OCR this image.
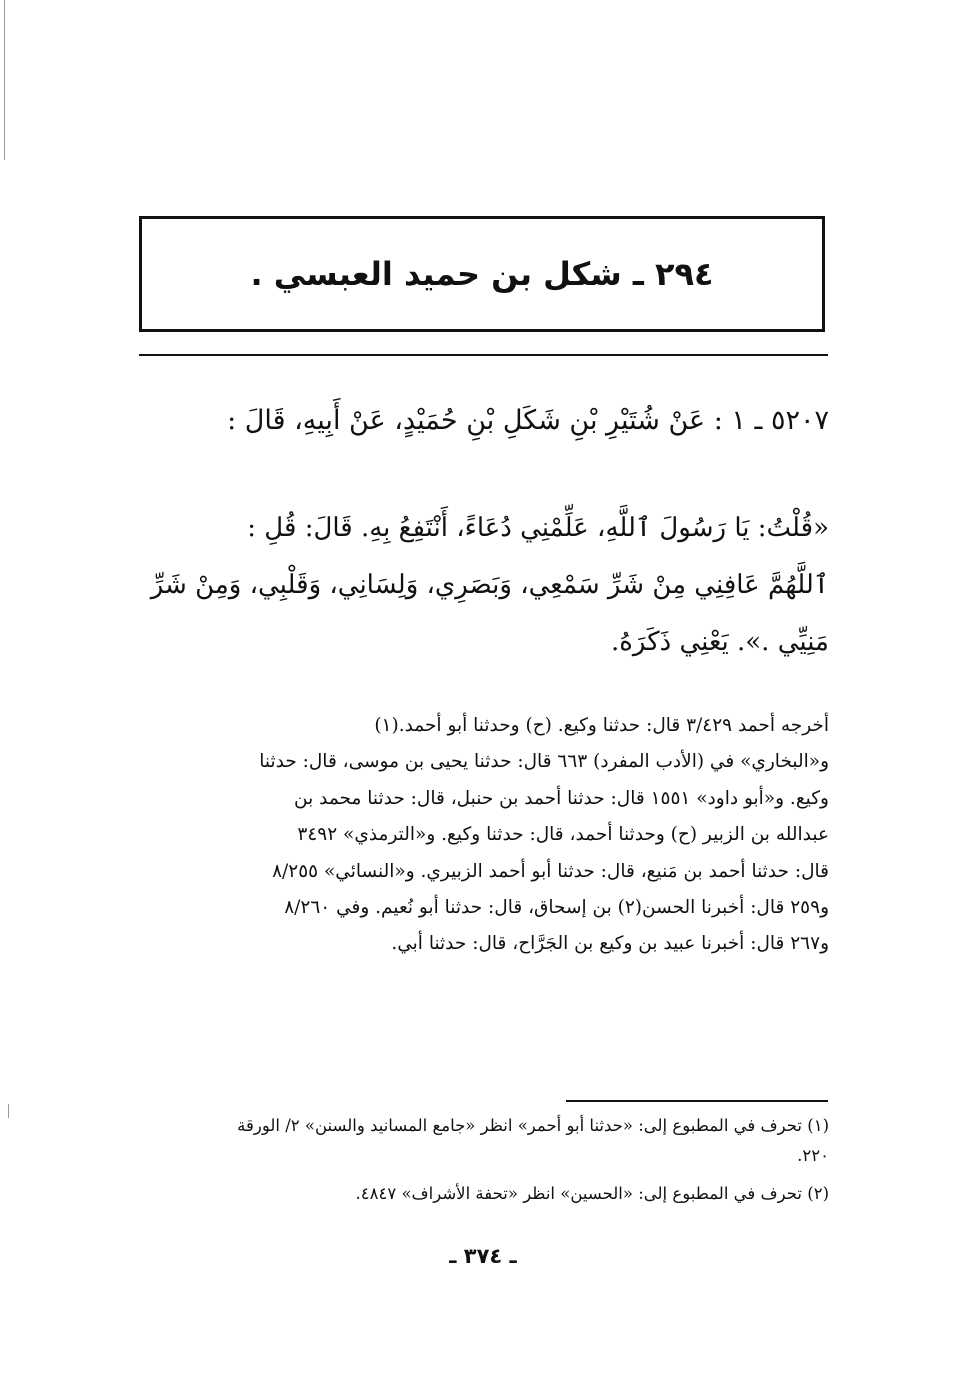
٢٩٤ ـ شكل بن حميد العبسي .
٥٢٠٧ ـ ١ : عَنْ شُتَيْرِ بْنِ شَكَلِ بْنِ حُمَيْدٍ، عَنْ أَبِيهِ، قَالَ :
«قُلْتُ: يَا رَسُولَ ٱللَّهِ، عَلِّمْنِي دُعَاءً، أَنْتَفِعُ بِهِ. قَالَ: قُلِ :
ٱللَّهُمَّ عَافِنِي مِنْ شَرِّ سَمْعِي، وَبَصَرِي، وَلِسَانِي، وَقَلْبِي، وَمِنْ شَرِّ
مَنِيِّي .». يَعْنِي ذَكَرَهُ.
أخرجه أحمد ٣/٤٢٩ قال: حدثنا وكيع. (ح) وحدثنا أبو أحمد.(١)
و«البخاري» في (الأدب المفرد) ٦٦٣ قال: حدثنا يحيى بن موسى، قال: حدثنا
وكيع. و«أبو داود» ١٥٥١ قال: حدثنا أحمد بن حنبل، قال: حدثنا محمد بن
عبدالله بن الزبير (ح) وحدثنا أحمد، قال: حدثنا وكيع. و«الترمذي» ٣٤٩٢
قال: حدثنا أحمد بن مَنيع، قال: حدثنا أبو أحمد الزبيري. و«النسائي» ٨/٢٥٥
و٢٥٩ قال: أخبرنا الحسن(٢) بن إسحاق، قال: حدثنا أبو نُعيم. وفي ٨/٢٦٠
و٢٦٧ قال: أخبرنا عبيد بن وكيع بن الجَرَّاح، قال: حدثنا أبي.
(١) تحرف في المطبوع إلى: «حدثنا أبو أحمر» انظر «جامع المسانيد والسنن» ٢/ الورقة
٢٢٠.
(٢) تحرف في المطبوع إلى: «الحسين» انظر «تحفة الأشراف» ٤٨٤٧.
ـ ٣٧٤ ـ
